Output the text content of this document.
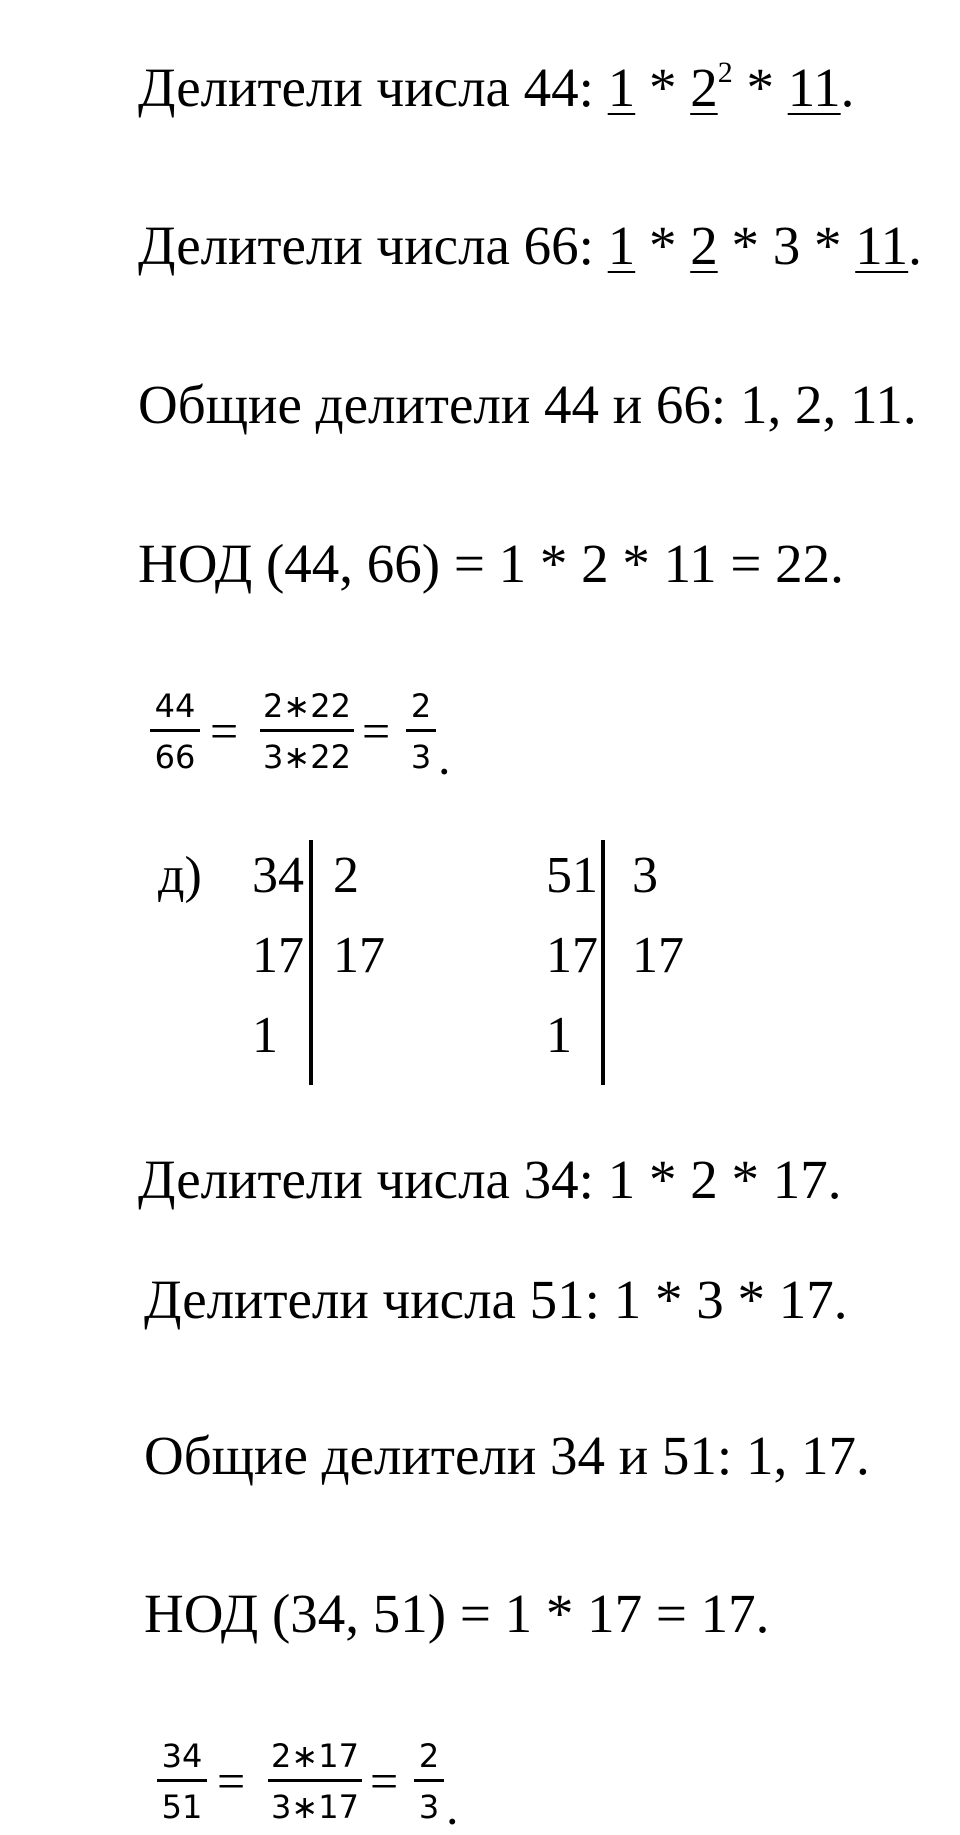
Делители числа 44: $1 * 2^2 * 11$.
Делители числа 66: 1 * 2 * 3 * 11.
Общие делители 44 и 66: 1, 2, 11.
НОД (44, 66) = 1 * 2 * 11 = 22.
44
66 = 2∗22
3∗22 = 2
3 .
д) 34
17
1
2
17
51
17
1
3
17
Делители числа 34: 1 * 2 * 17.
Делители числа 51: 1 * 3 * 17.
Общие делители 34 и 51: 1, 17.
НОД (34, 51) = 1 * 17 = 17.
34
51 = 2∗17
3∗17 = 2
3 .
